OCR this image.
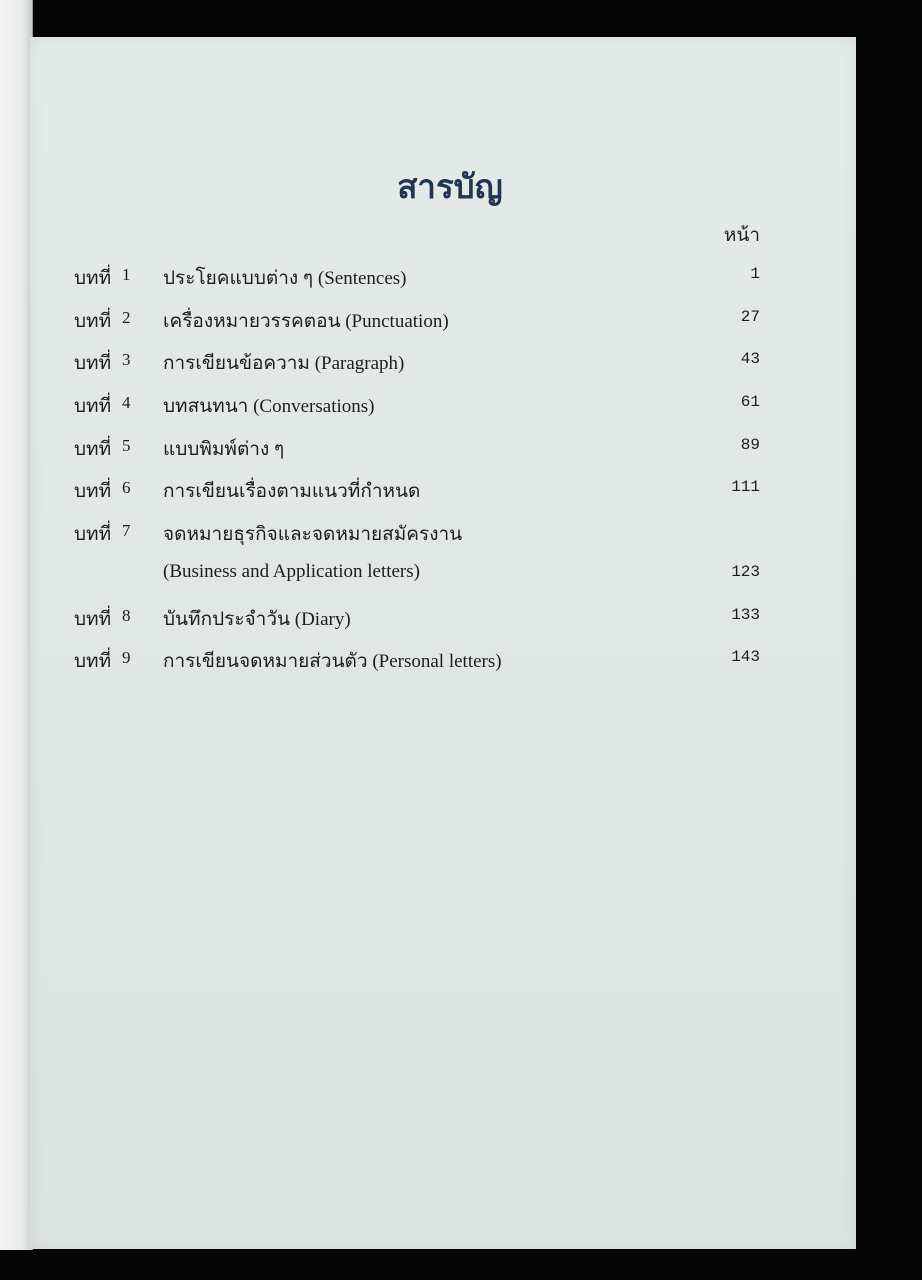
สารบัญ
หน้า
บทที่ 1 ประโยคแบบต่าง ๆ (Sentences)	1
บทที่ 2 เครื่องหมายวรรคตอน (Punctuation)	27
บทที่ 3 การเขียนข้อความ (Paragraph)	43
บทที่ 4 บทสนทนา (Conversations)	61
บทที่ 5 แบบพิมพ์ต่าง ๆ	89
บทที่ 6 การเขียนเรื่องตามแนวที่กำหนด	111
บทที่ 7 จดหมายธุรกิจและจดหมายสมัครงาน
(Business and Application letters)	123
บทที่ 8 บันทึกประจำวัน (Diary)	133
บทที่ 9 การเขียนจดหมายส่วนตัว (Personal letters)	143
